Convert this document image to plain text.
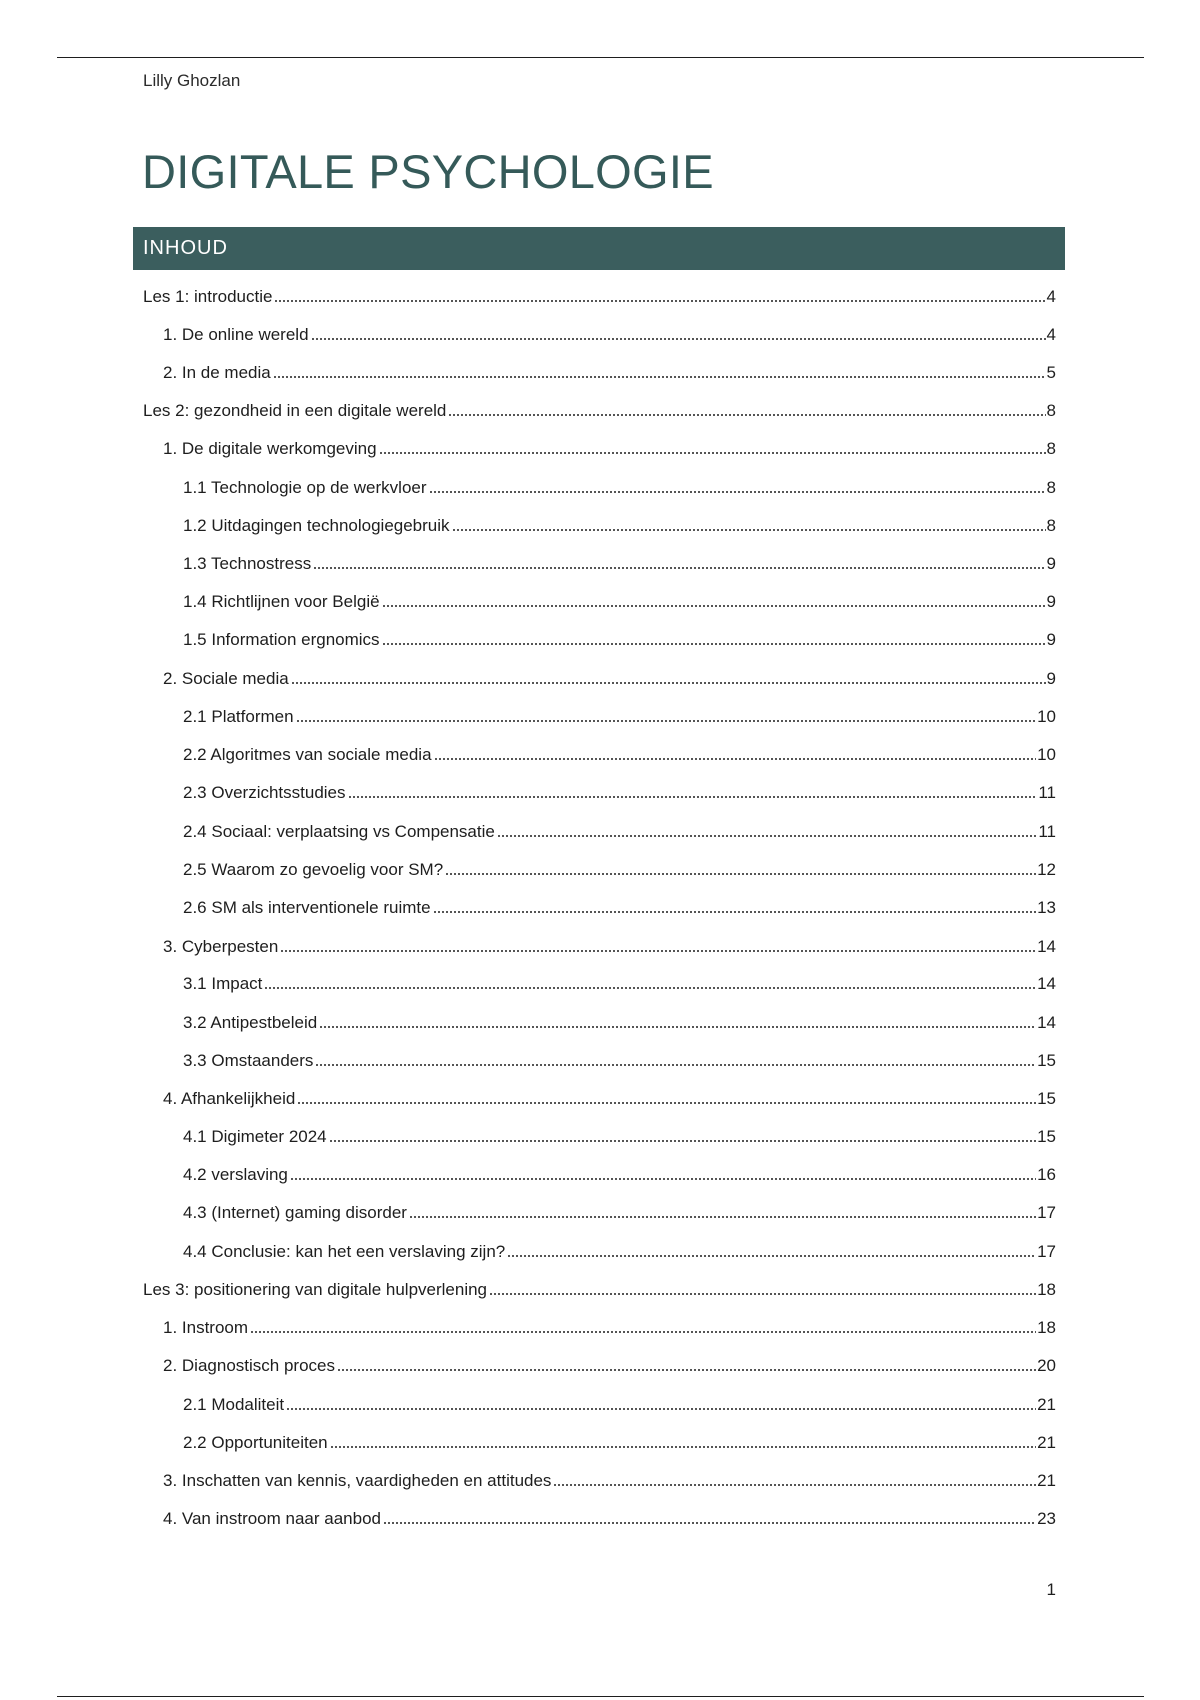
Lilly Ghozlan
DIGITALE PSYCHOLOGIE
INHOUD
Les 1: introductie	4
1. De online wereld	4
2. In de media	5
Les 2: gezondheid in een digitale wereld	8
1. De digitale werkomgeving	8
1.1 Technologie op de werkvloer	8
1.2 Uitdagingen technologiegebruik	8
1.3 Technostress	9
1.4 Richtlijnen voor België	9
1.5 Information ergnomics	9
2. Sociale media	9
2.1 Platformen	10
2.2 Algoritmes van sociale media	10
2.3 Overzichtsstudies	11
2.4 Sociaal: verplaatsing vs Compensatie	11
2.5 Waarom zo gevoelig voor SM?	12
2.6 SM als interventionele ruimte	13
3. Cyberpesten	14
3.1 Impact	14
3.2 Antipestbeleid	14
3.3 Omstaanders	15
4. Afhankelijkheid	15
4.1 Digimeter 2024	15
4.2 verslaving	16
4.3 (Internet) gaming disorder	17
4.4 Conclusie: kan het een verslaving zijn?	17
Les 3: positionering van digitale hulpverlening	18
1. Instroom	18
2. Diagnostisch proces	20
2.1 Modaliteit	21
2.2 Opportuniteiten	21
3. Inschatten van kennis, vaardigheden en attitudes	21
4. Van instroom naar aanbod	23
1
